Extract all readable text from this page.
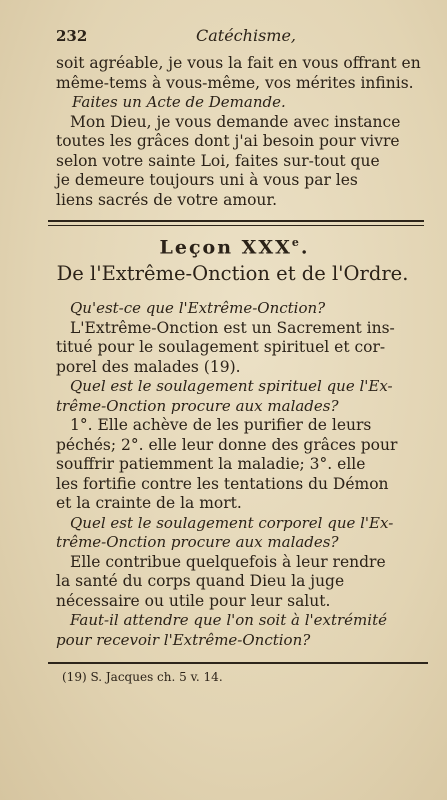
232	Catéchisme,
soit agréable, je vous la fait en vous offrant en
même-tems à vous-même, vos mérites infinis.

Faites un Acte de Demande.

Mon Dieu, je vous demande avec instance
toutes les grâces dont j'ai besoin pour vivre
selon votre sainte Loi, faites sur-tout que
je demeure toujours uni à vous par les
liens sacrés de votre amour.
Leçon XXXe.
De l'Extrême-Onction et de l'Ordre.
Qu'est-ce que l'Extrême-Onction?
L'Extrême-Onction est un Sacrement ins-
titué pour le soulagement spirituel et cor-
porel des malades (19).
Quel est le soulagement spirituel que l'Ex-
trême-Onction procure aux malades?
1°. Elle achève de les purifier de leurs
péchés; 2°. elle leur donne des grâces pour
souffrir patiemment la maladie; 3°. elle
les fortifie contre les tentations du Démon
et la crainte de la mort.
Quel est le soulagement corporel que l'Ex-
trême-Onction procure aux malades?
Elle contribue quelquefois à leur rendre
la santé du corps quand Dieu la juge
nécessaire ou utile pour leur salut.
Faut-il attendre que l'on soit à l'extrémité
pour recevoir l'Extrême-Onction?
(19) S. Jacques ch. 5 v. 14.
